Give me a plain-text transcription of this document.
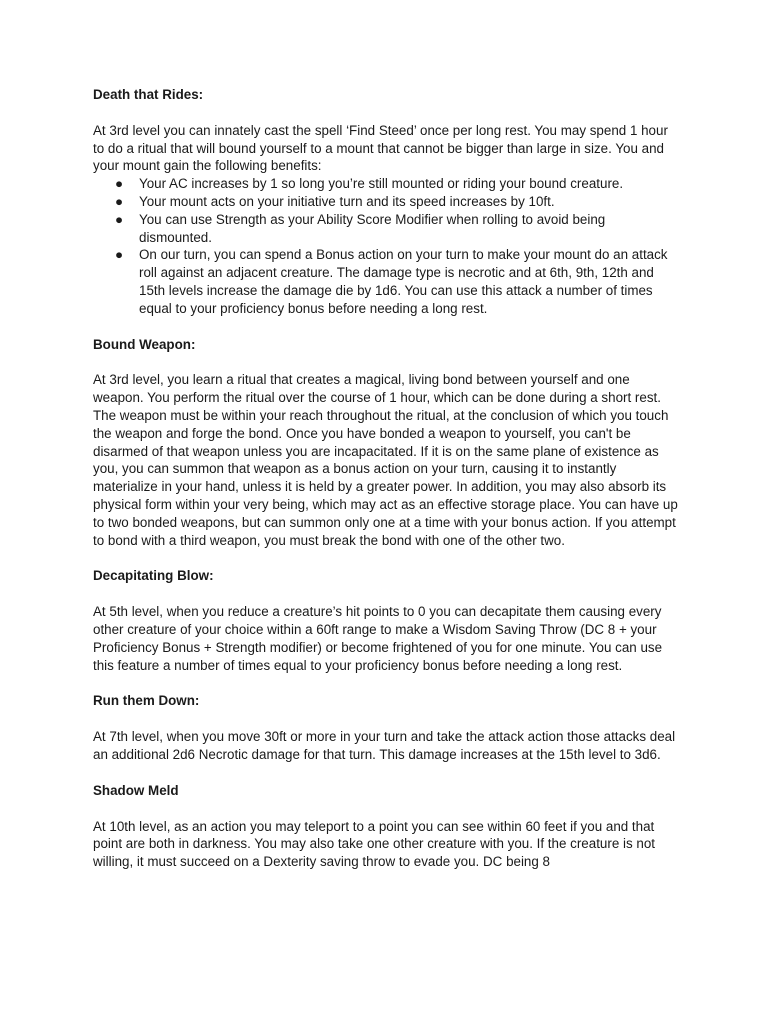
Death that Rides:

At 3rd level you can innately cast the spell ‘Find Steed’ once per long rest. You may spend 1 hour to do a ritual that will bound yourself to a mount that cannot be bigger than large in size. You and your mount gain the following benefits:

● Your AC increases by 1 so long you’re still mounted or riding your bound creature.
● Your mount acts on your initiative turn and its speed increases by 10ft.
● You can use Strength as your Ability Score Modifier when rolling to avoid being dismounted.
● On our turn, you can spend a Bonus action on your turn to make your mount do an attack roll against an adjacent creature. The damage type is necrotic and at 6th, 9th, 12th and 15th levels increase the damage die by 1d6. You can use this attack a number of times equal to your proficiency bonus before needing a long rest.

Bound Weapon:

At 3rd level, you learn a ritual that creates a magical, living bond between yourself and one weapon. You perform the ritual over the course of 1 hour, which can be done during a short rest. The weapon must be within your reach throughout the ritual, at the conclusion of which you touch the weapon and forge the bond. Once you have bonded a weapon to yourself, you can't be disarmed of that weapon unless you are incapacitated. If it is on the same plane of existence as you, you can summon that weapon as a bonus action on your turn, causing it to instantly materialize in your hand, unless it is held by a greater power. In addition, you may also absorb its physical form within your very being, which may act as an effective storage place. You can have up to two bonded weapons, but can summon only one at a time with your bonus action. If you attempt to bond with a third weapon, you must break the bond with one of the other two.

Decapitating Blow:

At 5th level, when you reduce a creature’s hit points to 0 you can decapitate them causing every other creature of your choice within a 60ft range to make a Wisdom Saving Throw (DC 8 + your Proficiency Bonus + Strength modifier) or become frightened of you for one minute. You can use this feature a number of times equal to your proficiency bonus before needing a long rest.

Run them Down:

At 7th level, when you move 30ft or more in your turn and take the attack action those attacks deal an additional 2d6 Necrotic damage for that turn. This damage increases at the 15th level to 3d6.

Shadow Meld

At 10th level, as an action you may teleport to a point you can see within 60 feet if you and that point are both in darkness. You may also take one other creature with you. If the creature is not willing, it must succeed on a Dexterity saving throw to evade you. DC being 8
